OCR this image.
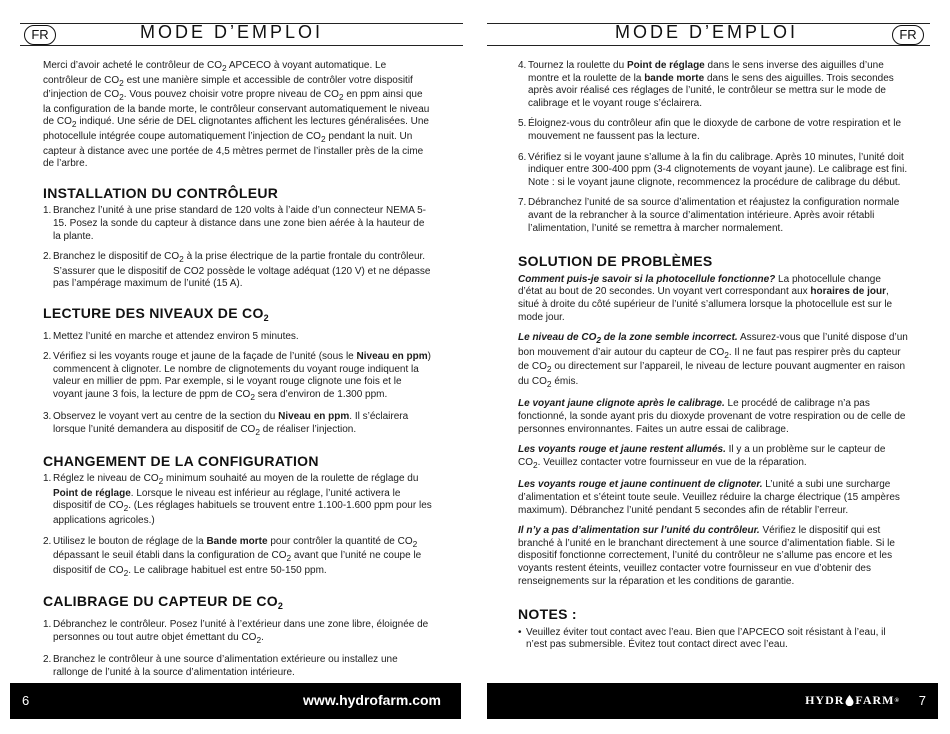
FR	MODE D’EMPLOI

Merci d’avoir acheté le contrôleur de $CO_2$ APCECO à voyant automatique. Le contrôleur de $CO_2$ est une manière simple et accessible de contrôler votre dispositif d’injection de $CO_2$. Vous pouvez choisir votre propre niveau de $CO_2$ en ppm ainsi que la configuration de la bande morte, le contrôleur conservant automatiquement le niveau de $CO_2$ indiqué. Une série de DEL clignotantes affichent les lectures généralisées. Une photocellule intégrée coupe automatiquement l’injection de $CO_2$ pendant la nuit. Un capteur à distance avec une portée de 4,5 mètres permet de l’installer près de la cime de l’arbre.

INSTALLATION DU CONTRÔLEUR
1. Branchez l’unité à une prise standard de 120 volts à l’aide d’un connecteur NEMA 5-15. Posez la sonde du capteur à distance dans une zone bien aérée à la hauteur de la plante.
2. Branchez le dispositif de $CO_2$ à la prise électrique de la partie frontale du contrôleur. S’assurer que le dispositif de CO2 possède le voltage adéquat (120 V) et ne dépasse pas l’ampérage maximum de l’unité (15 A).
LECTURE DES NIVEAUX DE $CO_2$
1. Mettez l’unité en marche et attendez environ 5 minutes.
2. Vérifiez si les voyants rouge et jaune de la façade de l’unité (sous le Niveau en ppm) commencent à clignoter. Le nombre de clignotements du voyant rouge indiquent la valeur en millier de ppm. Par exemple, si le voyant rouge clignote une fois et le voyant jaune 3 fois, la lecture de ppm de $CO_2$ sera d’environ de 1.300 ppm.
3. Observez le voyant vert au centre de la section du Niveau en ppm. Il s’éclairera lorsque l’unité demandera au dispositif de $CO_2$ de réaliser l’injection.
CHANGEMENT DE LA CONFIGURATION
1. Réglez le niveau de $CO_2$ minimum souhaité au moyen de la roulette de réglage du Point de réglage. Lorsque le niveau est inférieur au réglage, l’unité activera le dispositif de $CO_2$. (Les réglages habituels se trouvent entre 1.100-1.600 ppm pour les applications agricoles.)
2. Utilisez le bouton de réglage de la Bande morte pour contrôler la quantité de $CO_2$ dépassant le seuil établi dans la configuration de $CO_2$ avant que l’unité ne coupe le dispositif de $CO_2$. Le calibrage habituel est entre 50-150 ppm.
CALIBRAGE DU CAPTEUR DE $CO_2$
1. Débranchez le contrôleur. Posez l’unité à l’extérieur dans une zone libre, éloignée de personnes ou tout autre objet émettant du $CO_2$.
2. Branchez le contrôleur à une source d’alimentation extérieure ou installez une rallonge de l’unité à la source d’alimentation intérieure.
6	www.hydrofarm.com
MODE D’EMPLOI	FR
4. Tournez la roulette du Point de réglage dans le sens inverse des aiguilles d’une montre et la roulette de la bande morte dans le sens des aiguilles. Trois secondes après avoir réalisé ces réglages de l’unité, le contrôleur se mettra sur le mode de calibrage et le voyant rouge s’éclairera.
5. Éloignez-vous du contrôleur afin que le dioxyde de carbone de votre respiration et le mouvement ne faussent pas la lecture.
6. Vérifiez si le voyant jaune s’allume à la fin du calibrage. Après 10 minutes, l’unité doit indiquer entre 300-400 ppm (3-4 clignotements de voyant jaune). Le calibrage est fini. Note : si le voyant jaune clignote, recommencez la procédure de calibrage du début.
7. Débranchez l’unité de sa source d’alimentation et réajustez la configuration normale avant de la rebrancher à la source d’alimentation intérieure. Après avoir rétabli l’alimentation, l’unité se remettra à marcher normalement.
SOLUTION DE PROBLÈMES
Comment puis-je savoir si la photocellule fonctionne? La photocellule change d’état au bout de 20 secondes. Un voyant vert correspondant aux horaires de jour, situé à droite du côté supérieur de l’unité s’allumera lorsque la photocellule est sur le mode jour.
Le niveau de $CO_2$ de la zone semble incorrect. Assurez-vous que l’unité dispose d’un bon mouvement d’air autour du capteur de $CO_2$. Il ne faut pas respirer près du capteur de $CO_2$ ou directement sur l’appareil, le niveau de lecture pouvant augmenter en raison du $CO_2$ émis.
Le voyant jaune clignote après le calibrage. Le procédé de calibrage n’a pas fonctionné, la sonde ayant pris du dioxyde provenant de votre respiration ou de celle de personnes environnantes. Faites un autre essai de calibrage.
Les voyants rouge et jaune restent allumés. Il y a un problème sur le capteur de $CO_2$. Veuillez contacter votre fournisseur en vue de la réparation.
Les voyants rouge et jaune continuent de clignoter. L’unité a subi une surcharge d’alimentation et s’éteint toute seule. Veuillez réduire la charge électrique (15 ampères maximum). Débranchez l’unité pendant 5 secondes afin de rétablir l’erreur.
Il n’y a pas d’alimentation sur l’unité du contrôleur. Vérifiez le dispositif qui est branché à l’unité en le branchant directement à une source d’alimentation fiable. Si le dispositif fonctionne correctement, l’unité du contrôleur ne s’allume pas encore et les voyants restent éteints, veuillez contacter votre fournisseur en vue d’obtenir des renseignements sur la réparation et les conditions de garantie.
NOTES :
• Veuillez éviter tout contact avec l’eau. Bien que l’APCECO soit résistant à l’eau, il n’est pas submersible. Évitez tout contact direct avec l’eau.
HYDR FARM ® 7
